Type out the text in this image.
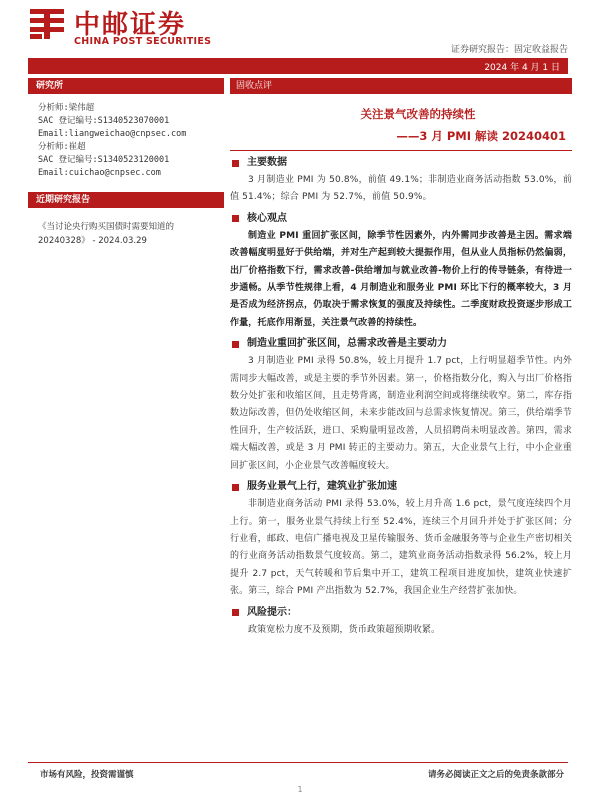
中邮证券
CHINA POST SECURITIES
证券研究报告：固定收益报告
2024 年 4 月 1 日
研究所
分析师:梁伟超
SAC 登记编号:S1340523070001
Email:liangweichao@cnpsec.com
分析师:崔超
SAC 登记编号:S1340523120001
Email:cuichao@cnpsec.com
近期研究报告
《当讨论央行购买国债时需要知道的 20240328》 - 2024.03.29
固收点评
关注景气改善的持续性
——3 月 PMI 解读 20240401
主要数据

3 月制造业 PMI 为 50.8%，前值 49.1%；非制造业商务活动指数 53.0%，前值 51.4%；综合 PMI 为 52.7%，前值 50.9%。

核心观点

制造业 PMI 重回扩张区间，除季节性因素外，内外需同步改善是主因。需求端改善幅度明显好于供给端，并对生产起到较大提振作用，但从业人员指标仍然偏弱，出厂价格指数下行，需求改善-供给增加与就业改善-物价上行的传导链条，有待进一步通畅。从季节性规律上看，4 月制造业和服务业 PMI 环比下行的概率较大，3 月是否成为经济拐点，仍取决于需求恢复的强度及持续性。二季度财政投资逐步形成工作量，托底作用渐显，关注景气改善的持续性。

制造业重回扩张区间，总需求改善是主要动力

3 月制造业 PMI 录得 50.8%，较上月提升 1.7 pct，上行明显超季节性。内外需同步大幅改善，或是主要的季节外因素。第一，价格指数分化，购入与出厂价格指数分处扩张和收缩区间，且走势背离，制造业利润空间或将继续收窄。第二，库存指数边际改善，但仍处收缩区间，未来步能改回与总需求恢复情况。第三，供给端季节性回升，生产较活跃，进口、采购量明显改善，人员招聘尚未明显改善。第四，需求端大幅改善，或是 3 月 PMI 转正的主要动力。第五，大企业景气上行，中小企业重回扩张区间，小企业景气改善幅度较大。

服务业景气上行，建筑业扩张加速

非制造业商务活动 PMI 录得 53.0%，较上月升高 1.6 pct，景气度连续四个月上行。第一，服务业景气持续上行至 52.4%，连续三个月回升并处于扩张区间；分行业看，邮政、电信广播电视及卫星传输服务、货币金融服务等与企业生产密切相关的行业商务活动指数景气度较高。第二，建筑业商务活动指数录得 56.2%，较上月提升 2.7 pct，天气转暖和节后集中开工，建筑工程项目进度加快，建筑业快速扩张。第三，综合 PMI 产出指数为 52.7%，我国企业生产经营扩张加快。

风险提示：

政策宽松力度不及预期，货币政策超预期收紧。

市场有风险，投资需谨慎	请务必阅读正文之后的免责条款部分
1
